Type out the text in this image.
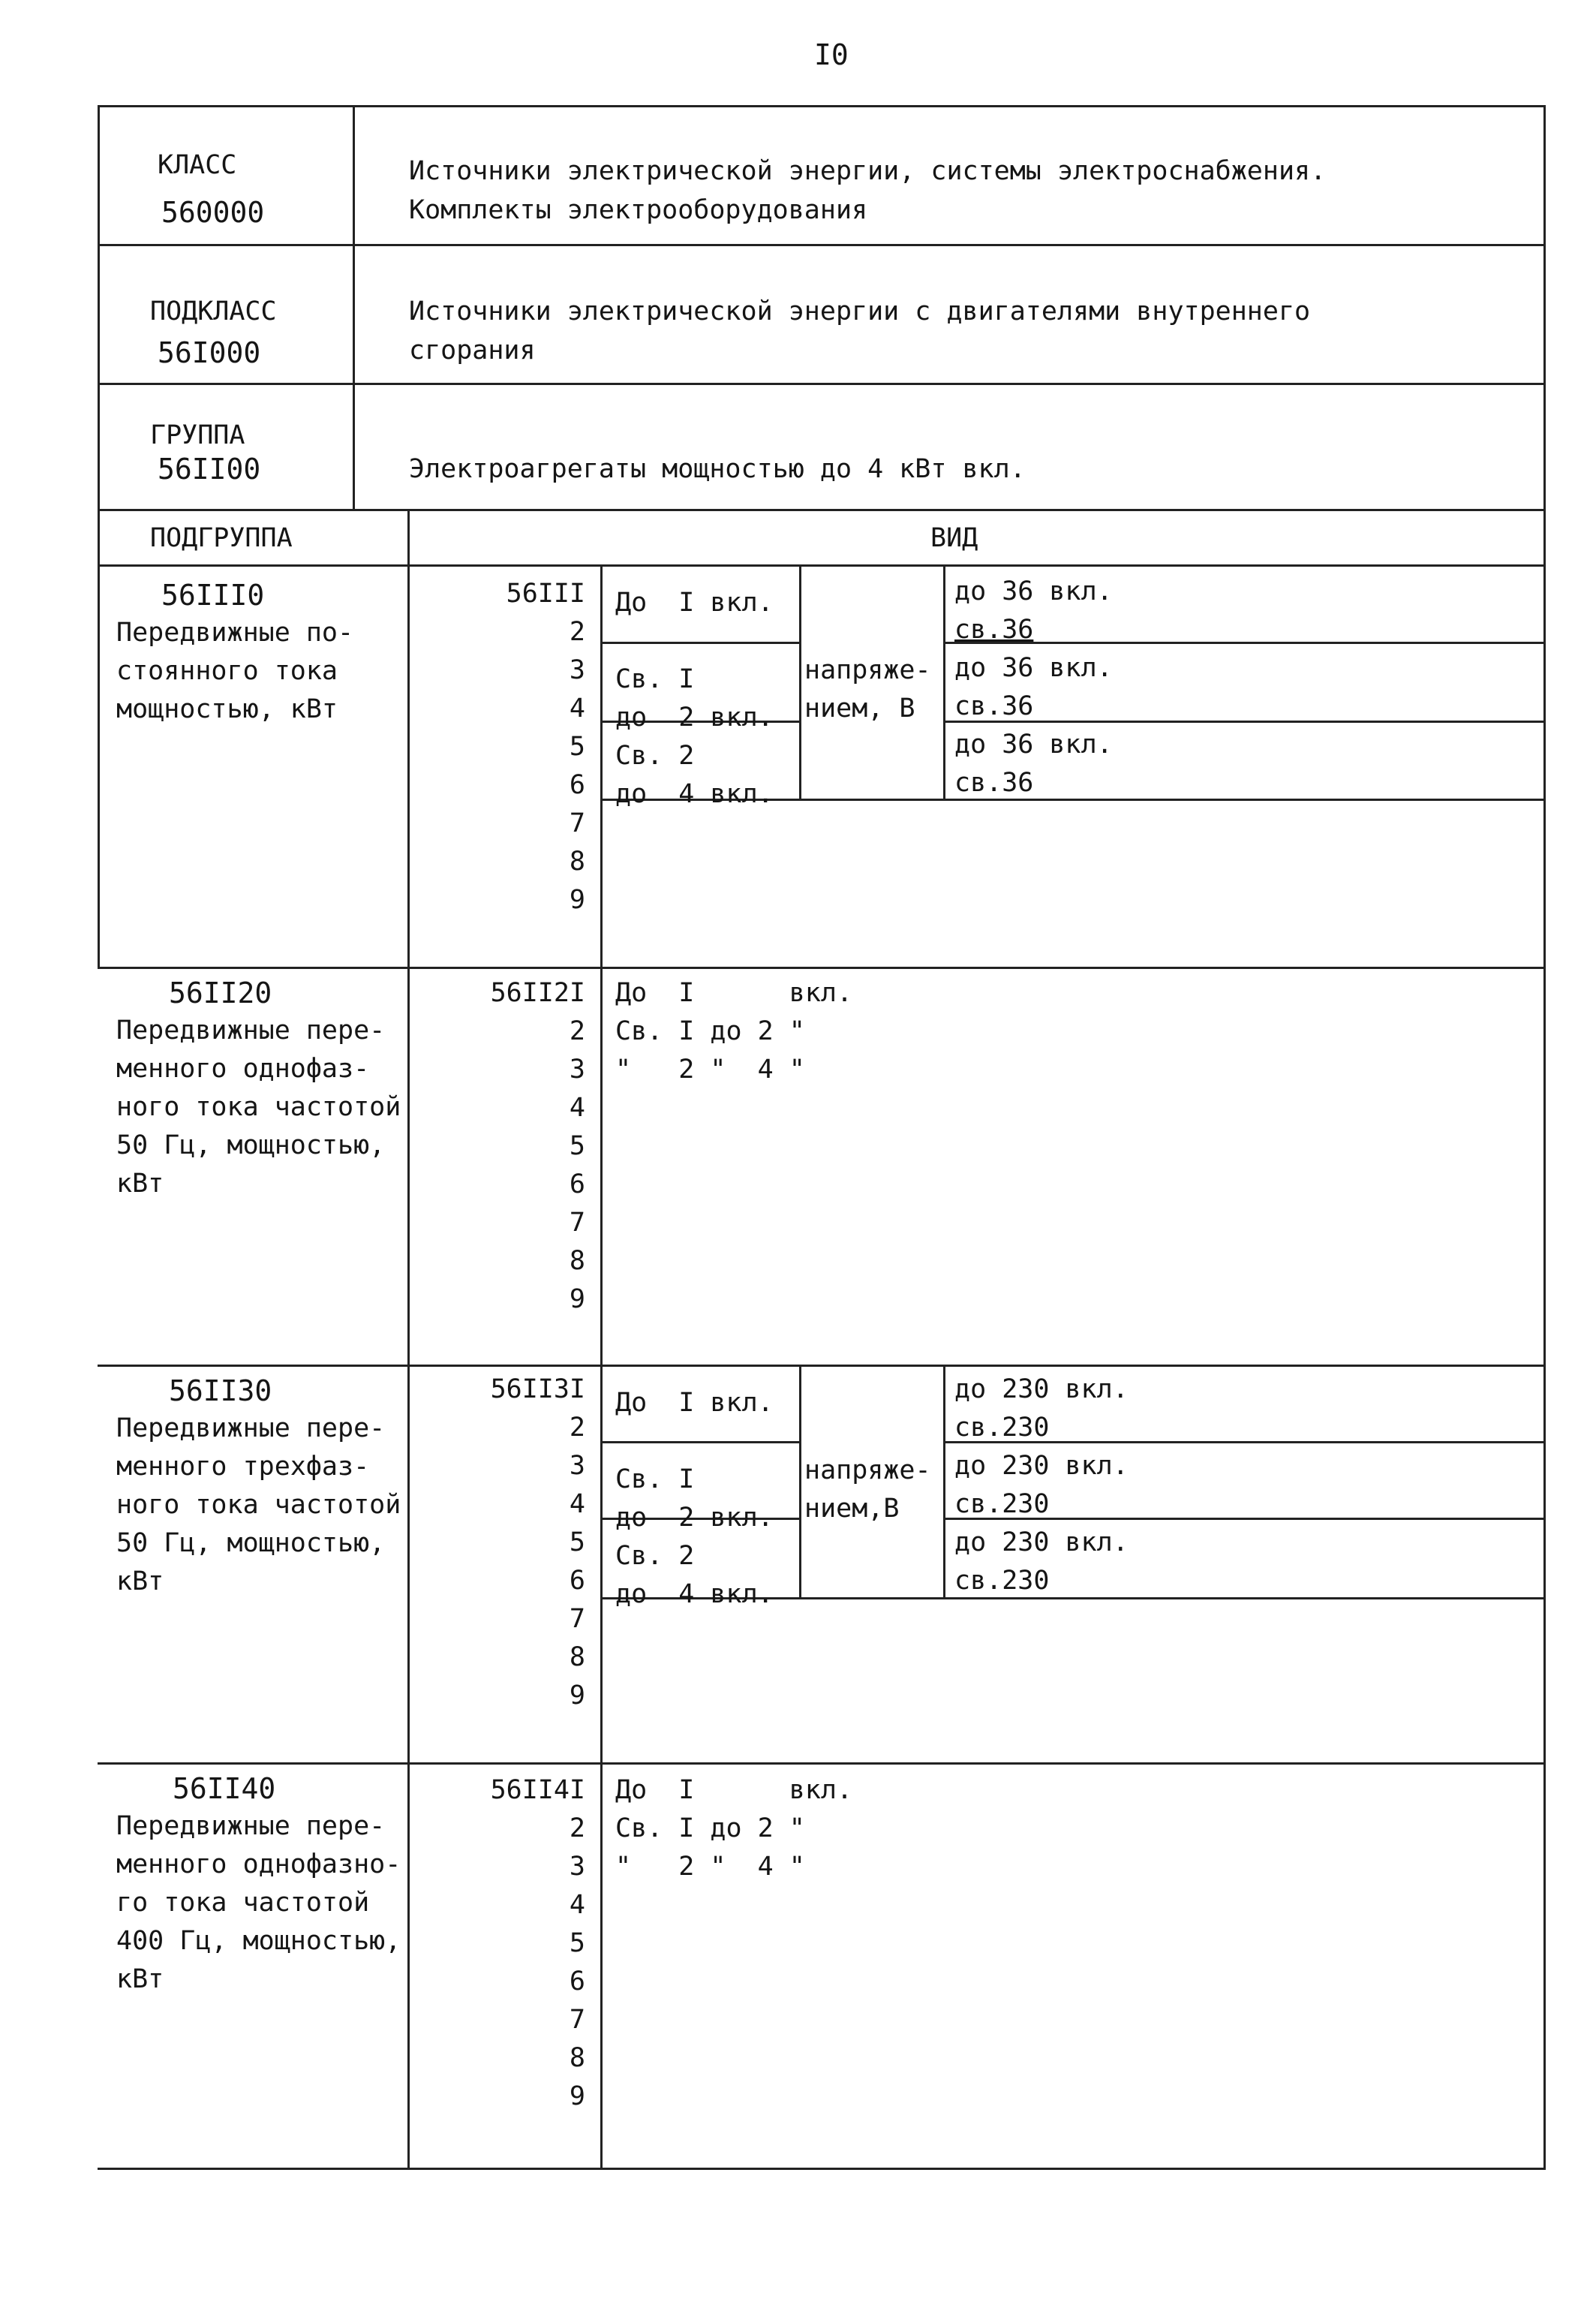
I0
КЛАСС
560000
Источники электрической энергии, системы электроснабжения.
Комплекты электрооборудования
ПОДКЛАСС
56I000
Источники электрической энергии с двигателями внутреннего
сгорания
ГРУППА
56II00	Электроагрегаты мощностью до 4 кВт вкл.
ПОДГРУППА	ВИД
56III0
Передвижные по-
стоянного тока
мощностью, кВт
56III
2
3
4
5
6
7
8
9
До  I вкл.
Св. I
до  2 вкл.
Св. 2
до  4 вкл.
напряже-
нием, В
до 36 вкл.
св.36
до 36 вкл.
св.36
до 36 вкл.
св.36
56II20
Передвижные пере-
менного однофаз-
ного тока частотой
50 Гц, мощностью,
кВт
56II2I
2
3
4
5
6
7
8
9
До  I      вкл.
Св. I до 2 "
"   2 "  4 "
56II30
Передвижные пере-
менного трехфаз-
ного тока частотой
50 Гц, мощностью,
кВт
56II3I
2
3
4
5
6
7
8
9
До  I вкл.
Св. I
до  2 вкл.
Св. 2
до  4 вкл.
напряже-
нием,В
до 230 вкл.
св.230
до 230 вкл.
св.230
до 230 вкл.
св.230
56II40
Передвижные пере-
менного однофазно-
го тока частотой
400 Гц, мощностью,
кВт
56II4I
2
3
4
5
6
7
8
9
До  I      вкл.
Св. I до 2 "
"   2 "  4 "
